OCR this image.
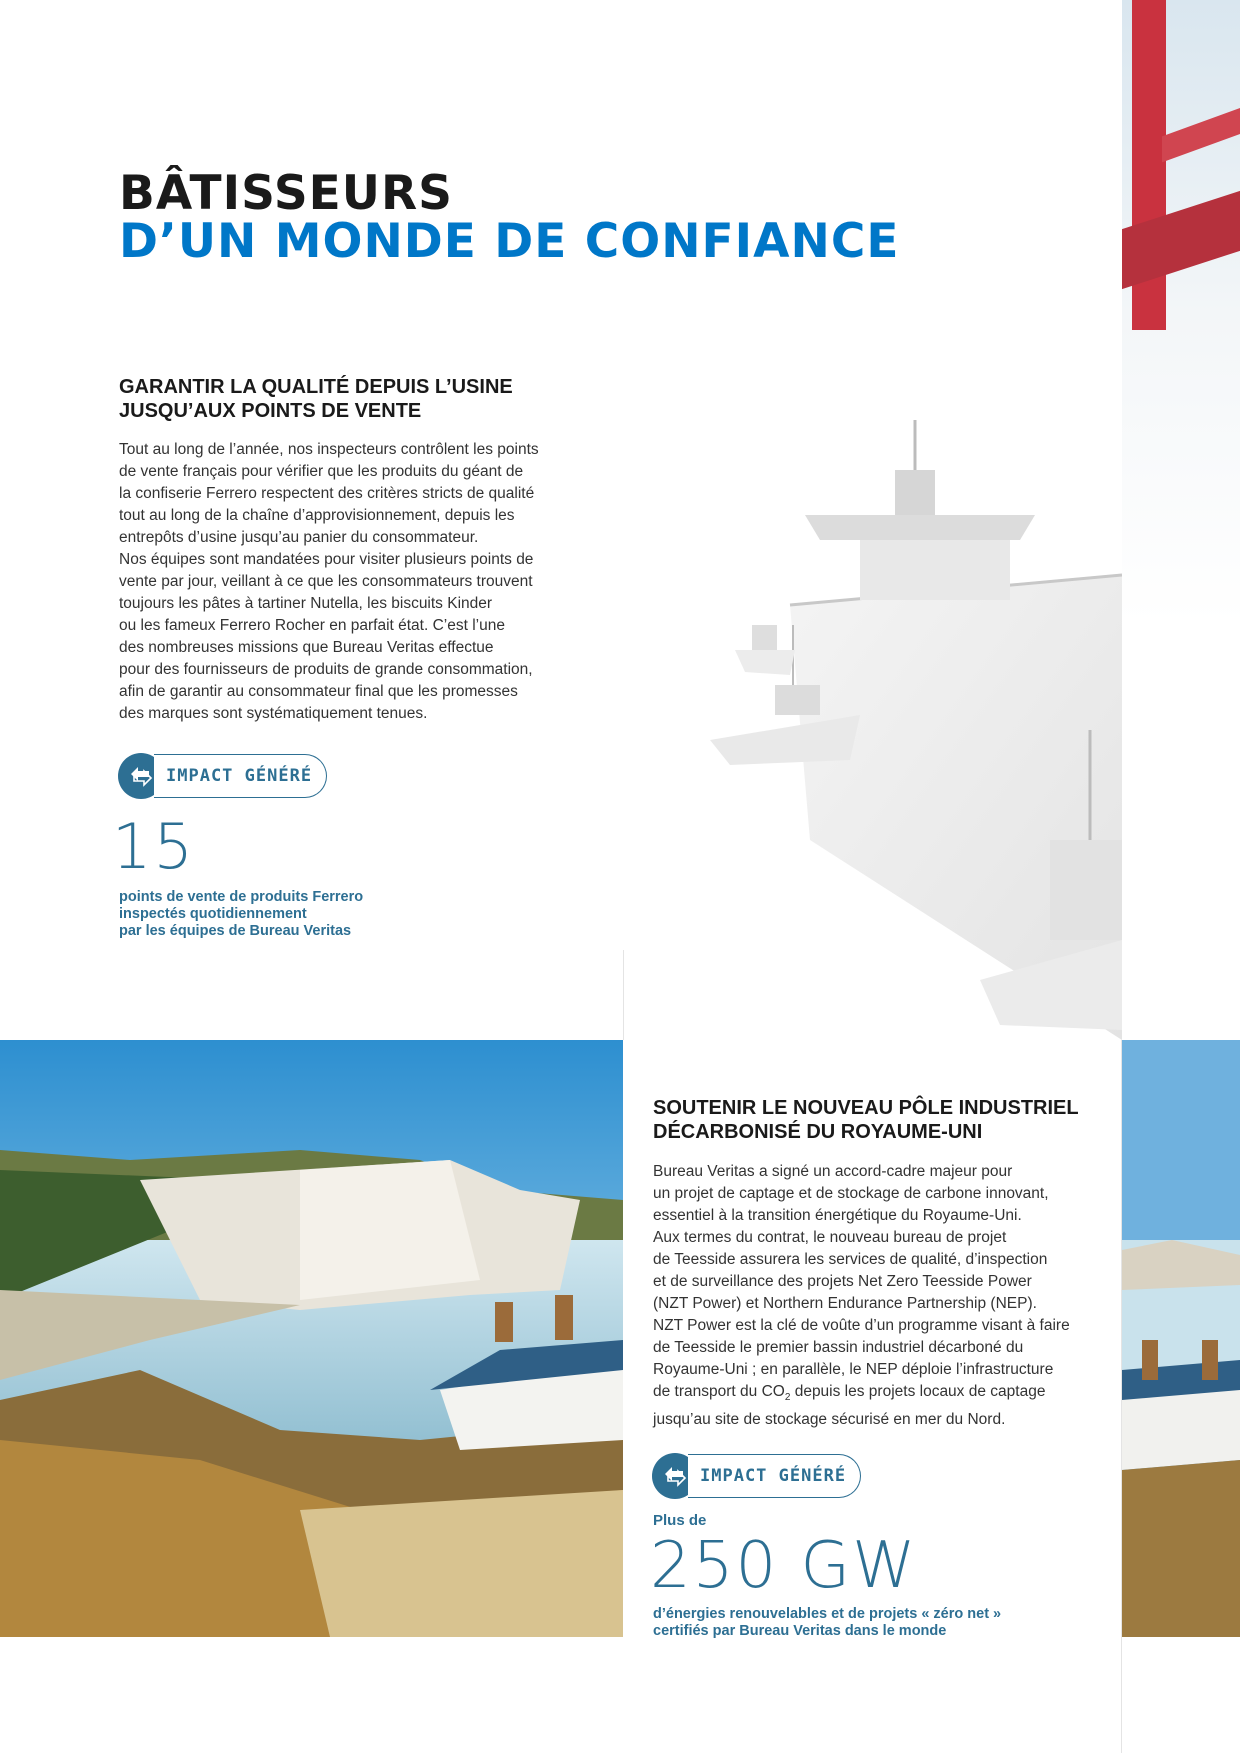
BÂTISSEURS
D’UN MONDE DE CONFIANCE
GARANTIR LA QUALITÉ DEPUIS L’USINE
JUSQU’AUX POINTS DE VENTE

Tout au long de l’année, nos inspecteurs contrôlent les points

de vente français pour vérifier que les produits du géant de

la confiserie Ferrero respectent des critères stricts de qualité

tout au long de la chaîne d’approvisionnement, depuis les

entrepôts d’usine jusqu’au panier du consommateur.

Nos équipes sont mandatées pour visiter plusieurs points de

vente par jour, veillant à ce que les consommateurs trouvent

toujours les pâtes à tartiner Nutella, les biscuits Kinder

ou les fameux Ferrero Rocher en parfait état. C’est l’une

des nombreuses missions que Bureau Veritas effectue

pour des fournisseurs de produits de grande consommation,

afin de garantir au consommateur final que les promesses

des marques sont systématiquement tenues.

IMPACT GÉNÉRÉ
15
points de vente de produits Ferrero
inspectés quotidiennement
par les équipes de Bureau Veritas
SOUTENIR LE NOUVEAU PÔLE INDUSTRIEL
DÉCARBONISÉ DU ROYAUME-UNI

Bureau Veritas a signé un accord-cadre majeur pour

un projet de captage et de stockage de carbone innovant,

essentiel à la transition énergétique du Royaume-Uni.

Aux termes du contrat, le nouveau bureau de projet

de Teesside assurera les services de qualité, d’inspection

et de surveillance des projets Net Zero Teesside Power

(NZT Power) et Northern Endurance Partnership (NEP).

NZT Power est la clé de voûte d’un programme visant à faire

de Teesside le premier bassin industriel décarboné du

Royaume-Uni ; en parallèle, le NEP déploie l’infrastructure

de transport du $CO_2$ depuis les projets locaux de captage

jusqu’au site de stockage sécurisé en mer du Nord.

IMPACT GÉNÉRÉ
Plus de
250 GW
d’énergies renouvelables et de projets « zéro net »
certifiés par Bureau Veritas dans le monde
